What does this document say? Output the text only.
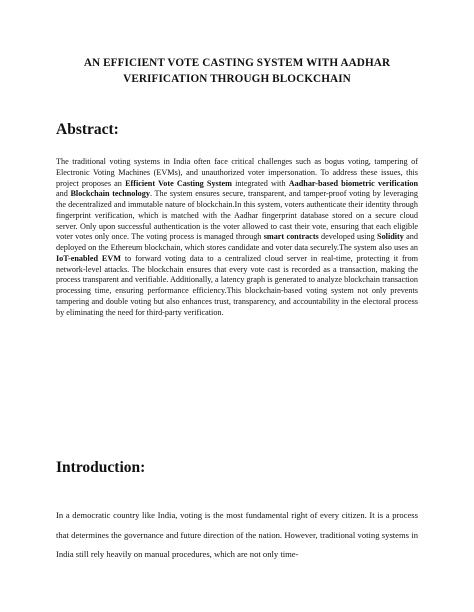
AN EFFICIENT VOTE CASTING SYSTEM WITH AADHAR
VERIFICATION THROUGH BLOCKCHAIN
Abstract:
The traditional voting systems in India often face critical challenges such as bogus voting, tampering of Electronic Voting Machines (EVMs), and unauthorized voter impersonation. To address these issues, this project proposes an Efficient Vote Casting System integrated with Aadhar-based biometric verification and Blockchain technology. The system ensures secure, transparent, and tamper-proof voting by leveraging the decentralized and immutable nature of blockchain.In this system, voters authenticate their identity through fingerprint verification, which is matched with the Aadhar fingerprint database stored on a secure cloud server. Only upon successful authentication is the voter allowed to cast their vote, ensuring that each eligible voter votes only once. The voting process is managed through smart contracts developed using Solidity and deployed on the Ethereum blockchain, which stores candidate and voter data securely.The system also uses an IoT-enabled EVM to forward voting data to a centralized cloud server in real-time, protecting it from network-level attacks. The blockchain ensures that every vote cast is recorded as a transaction, making the process transparent and verifiable. Additionally, a latency graph is generated to analyze blockchain transaction processing time, ensuring performance efficiency.This blockchain-based voting system not only prevents tampering and double voting but also enhances trust, transparency, and accountability in the electoral process by eliminating the need for third-party verification.
Introduction:
In a democratic country like India, voting is the most fundamental right of every citizen. It is a process that determines the governance and future direction of the nation. However, traditional voting systems in India still rely heavily on manual procedures, which are not only time-
